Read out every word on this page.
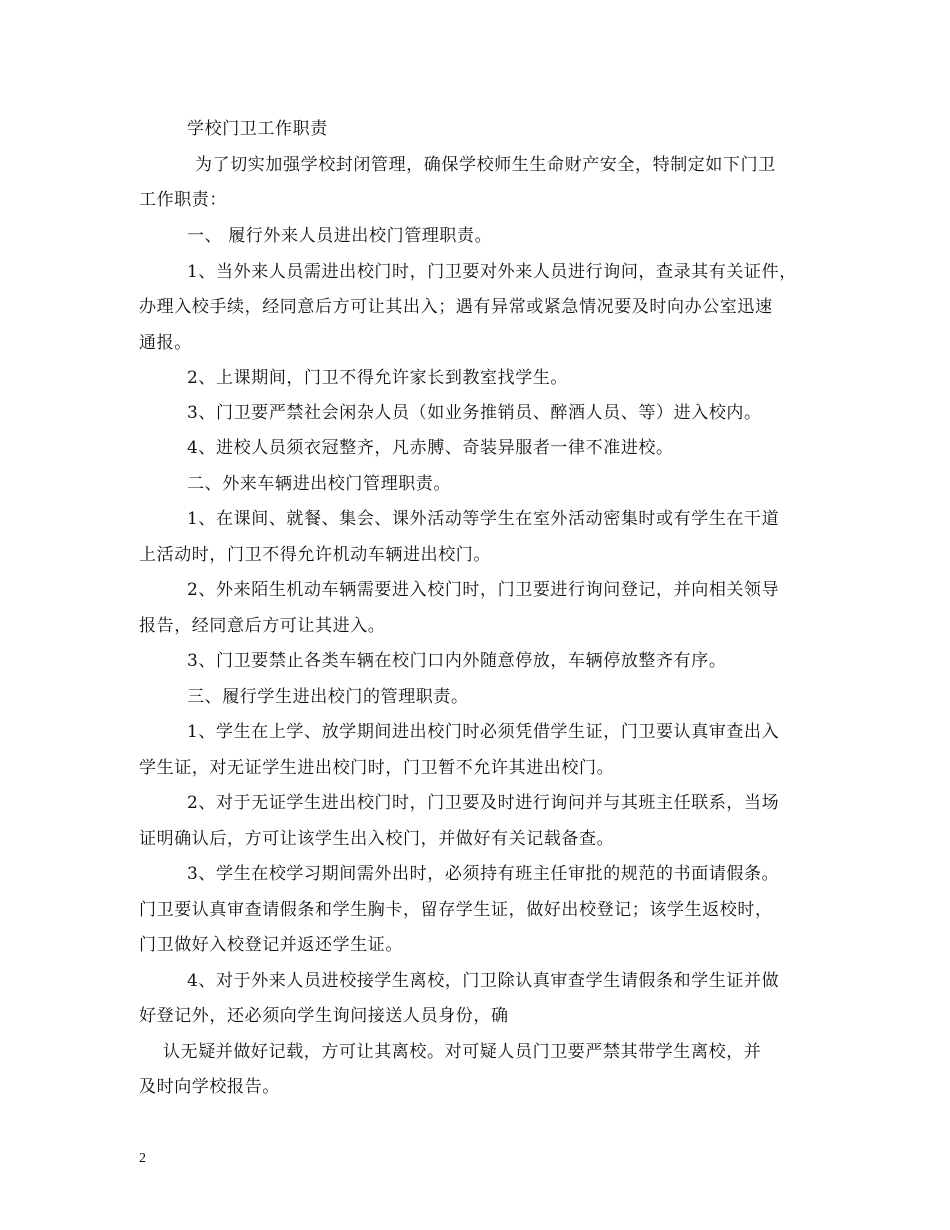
学校门卫工作职责
为了切实加强学校封闭管理，确保学校师生生命财产安全，特制定如下门卫
工作职责：
一、 履行外来人员进出校门管理职责。
1、当外来人员需进出校门时，门卫要对外来人员进行询问，查录其有关证件，
办理入校手续，经同意后方可让其出入；遇有异常或紧急情况要及时向办公室迅速
通报。
2、上课期间，门卫不得允许家长到教室找学生。
3、门卫要严禁社会闲杂人员（如业务推销员、醉酒人员、等）进入校内。
4、进校人员须衣冠整齐，凡赤膊、奇装异服者一律不准进校。
二、外来车辆进出校门管理职责。
1、在课间、就餐、集会、课外活动等学生在室外活动密集时或有学生在干道
上活动时，门卫不得允许机动车辆进出校门。
2、外来陌生机动车辆需要进入校门时，门卫要进行询问登记，并向相关领导
报告，经同意后方可让其进入。
3、门卫要禁止各类车辆在校门口内外随意停放，车辆停放整齐有序。
三、履行学生进出校门的管理职责。
1、学生在上学、放学期间进出校门时必须凭借学生证，门卫要认真审查出入
学生证，对无证学生进出校门时，门卫暂不允许其进出校门。
2、对于无证学生进出校门时，门卫要及时进行询问并与其班主任联系，当场
证明确认后，方可让该学生出入校门，并做好有关记载备查。
3、学生在校学习期间需外出时，必须持有班主任审批的规范的书面请假条。
门卫要认真审查请假条和学生胸卡，留存学生证，做好出校登记；该学生返校时，
门卫做好入校登记并返还学生证。
4、对于外来人员进校接学生离校，门卫除认真审查学生请假条和学生证并做
好登记外，还必须向学生询问接送人员身份，确
认无疑并做好记载，方可让其离校。对可疑人员门卫要严禁其带学生离校，并
及时向学校报告。
2
